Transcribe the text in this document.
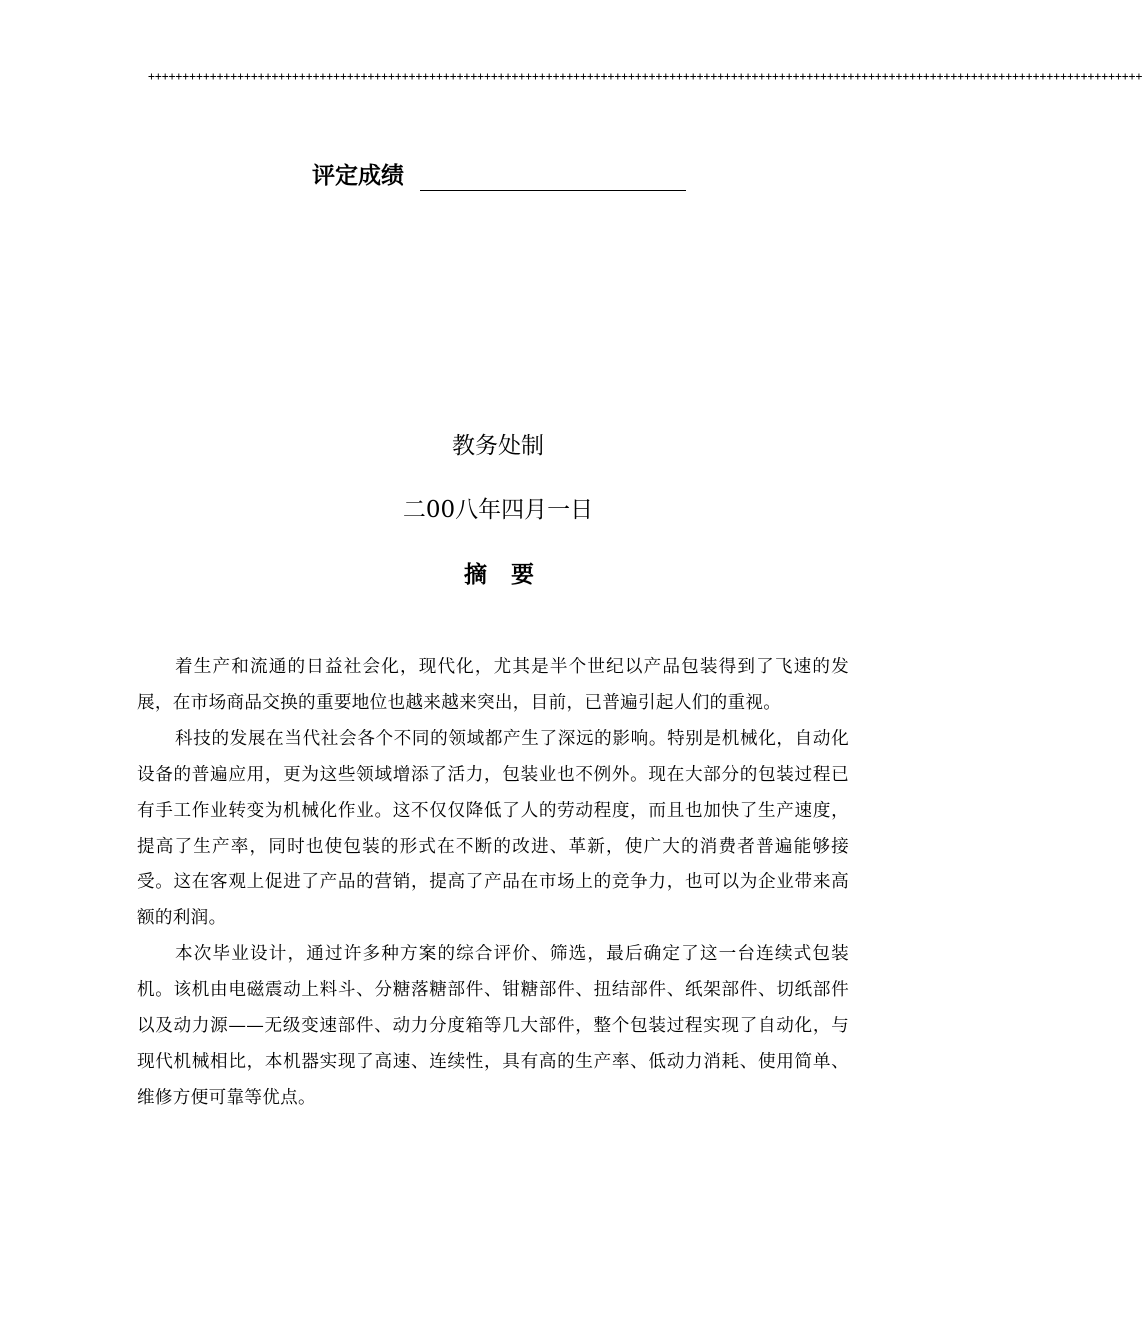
+++++++++++++++++++++++++++++++++++++++++++++++++++++++++++++++++++++++++++++++++++++++++++++++++++++++++++++++++++++++++++++++++++++++++++++++++
评定成绩
教务处制
二00八年四月一日
摘要

着生产和流通的日益社会化，现代化，尤其是半个世纪以产品包装得到了飞速的发展，在市场商品交换的重要地位也越来越来突出，目前，已普遍引起人们的重视。

科技的发展在当代社会各个不同的领域都产生了深远的影响。特别是机械化，自动化设备的普遍应用，更为这些领域增添了活力，包装业也不例外。现在大部分的包装过程已有手工作业转变为机械化作业。这不仅仅降低了人的劳动程度，而且也加快了生产速度，提高了生产率，同时也使包装的形式在不断的改进、革新，使广大的消费者普遍能够接受。这在客观上促进了产品的营销，提高了产品在市场上的竞争力，也可以为企业带来高额的利润。

本次毕业设计，通过许多种方案的综合评价、筛选，最后确定了这一台连续式包装机。该机由电磁震动上料斗、分糖落糖部件、钳糖部件、扭结部件、纸架部件、切纸部件以及动力源——无级变速部件、动力分度箱等几大部件，整个包装过程实现了自动化，与现代机械相比，本机器实现了高速、连续性，具有高的生产率、低动力消耗、使用简单、维修方便可靠等优点。
